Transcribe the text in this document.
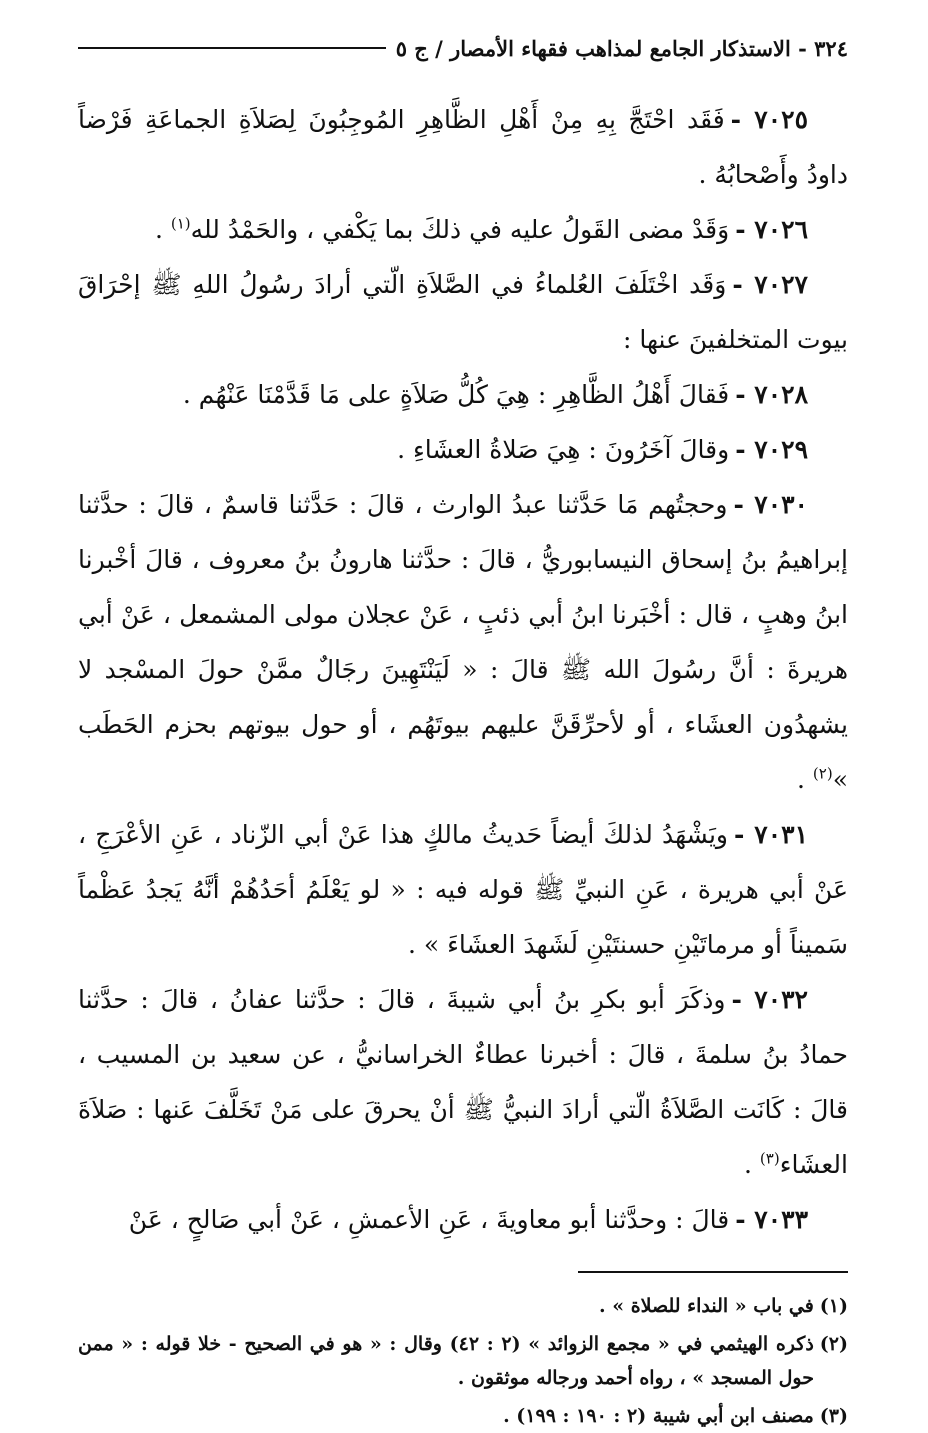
٣٢٤ - الاستذكار الجامع لمذاهب فقهاء الأمصار / ج ٥

٧٠٢٥ -فَقَد احْتَجَّ بِهِ مِنْ أَهْلِ الظَّاهِرِ المُوجِبُونَ لِصَلاَةِ الجماعَةِ فَرْضاً داودُ وأَصْحابُهُ .

٧٠٢٦ -وَقَدْ مضى القَولُ عليه في ذلكَ بما يَكْفي ، والحَمْدُ لله$^{(١)}$ .

٧٠٢٧ -وَقَد اخْتَلَفَ العُلماءُ في الصَّلاَةِ الّتي أرادَ رسُولُ اللهِ ﷺ إحْرَاقَ بيوت المتخلفينَ عنها :

٧٠٢٨ -فَقالَ أَهْلُ الظَّاهِرِ : هِيَ كُلُّ صَلاَةٍ على مَا قَدَّمْنَا عَنْهُم .

٧٠٢٩ -وقالَ آخَرُونَ : هِيَ صَلاةُ العشَاءِ .

٧٠٣٠ -وحجتُهم مَا حَدَّثنا عبدُ الوارث ، قالَ : حَدَّثنا قاسمٌ ، قالَ : حدَّثنا إبراهيمُ بنُ إسحاق النيسابوريُّ ، قالَ : حدَّثنا هارونُ بنُ معروف ، قالَ أخْبرنا ابنُ وهبٍ ، قال : أخْبَرنا ابنُ أبي ذئبٍ ، عَنْ عجلان مولى المشمعل ، عَنْ أبي هريرةَ : أنَّ رسُولَ الله ﷺ قالَ : « لَيَنْتَهِينَ رجَالٌ ممَّنْ حولَ المسْجد لا يشهدُون العشَاء ، أو لأحرِّقَنَّ عليهم بيوتَهُم ، أو حول بيوتهم بحزم الحَطَب »$^{(٢)}$ .

٧٠٣١ -ويَشْهَدُ لذلكَ أيضاً حَديثُ مالكٍ هذا عَنْ أبي الزّناد ، عَنِ الأعْرَجِ ، عَنْ أبي هريرة ، عَنِ النبيِّ ﷺ قوله فيه : « لو يَعْلَمُ أحَدُهُمْ أنَّهُ يَجدُ عَظْماً سَميناً أو مرماتَيْنِ حسنتَيْنِ لَشَهدَ العشَاءَ » .

٧٠٣٢ -وذكَرَ أبو بكرِ بنُ أبي شيبةَ ، قالَ : حدَّثنا عفانُ ، قالَ : حدَّثنا حمادُ بنُ سلمةَ ، قالَ : أخبرنا عطاءٌ الخراسانيُّ ، عن سعيد بن المسيب ، قالَ : كَانَت الصَّلاَةُ الّتي أرادَ النبيُّ ﷺ أنْ يحرقَ على مَنْ تَخَلَّفَ عَنها : صَلاَةَ العشَاء$^{(٣)}$ .

٧٠٣٣ -قالَ : وحدَّثنا أبو معاويةَ ، عَنِ الأعمشِ ، عَنْ أبي صَالحٍ ، عَنْ

(١)في باب « النداء للصلاة » .

(٢)ذكره الهيثمي في « مجمع الزوائد » (٢ : ٤٢) وقال : « هو في الصحيح - خلا قوله : « ممن حول المسجد » ، رواه أحمد ورجاله موثقون .

(٣)مصنف ابن أبي شيبة (٢ : ١٩٠ : ١٩٩) .
